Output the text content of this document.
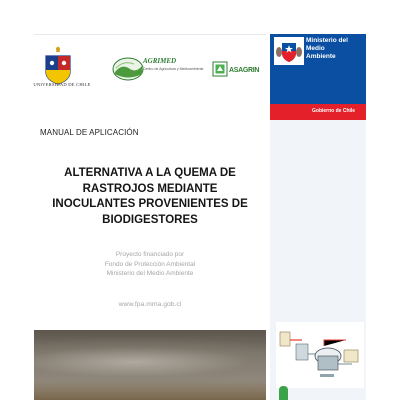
UNIVERSIDAD DE CHILE
AGRIMED
Centro de Agricultura y Medioambiente	ASAGRIN
Ministerio del
Medio
Ambiente
Gobierno de Chile
MANUAL DE APLICACIÓN
ALTERNATIVA A LA QUEMA DE
RASTROJOS MEDIANTE
INOCULANTES PROVENIENTES DE
BIODIGESTORES
Proyecto financiado por
Fondo de Protección Ambiental
Ministerio del Medio Ambiente
www.fpa.mma.gob.cl
